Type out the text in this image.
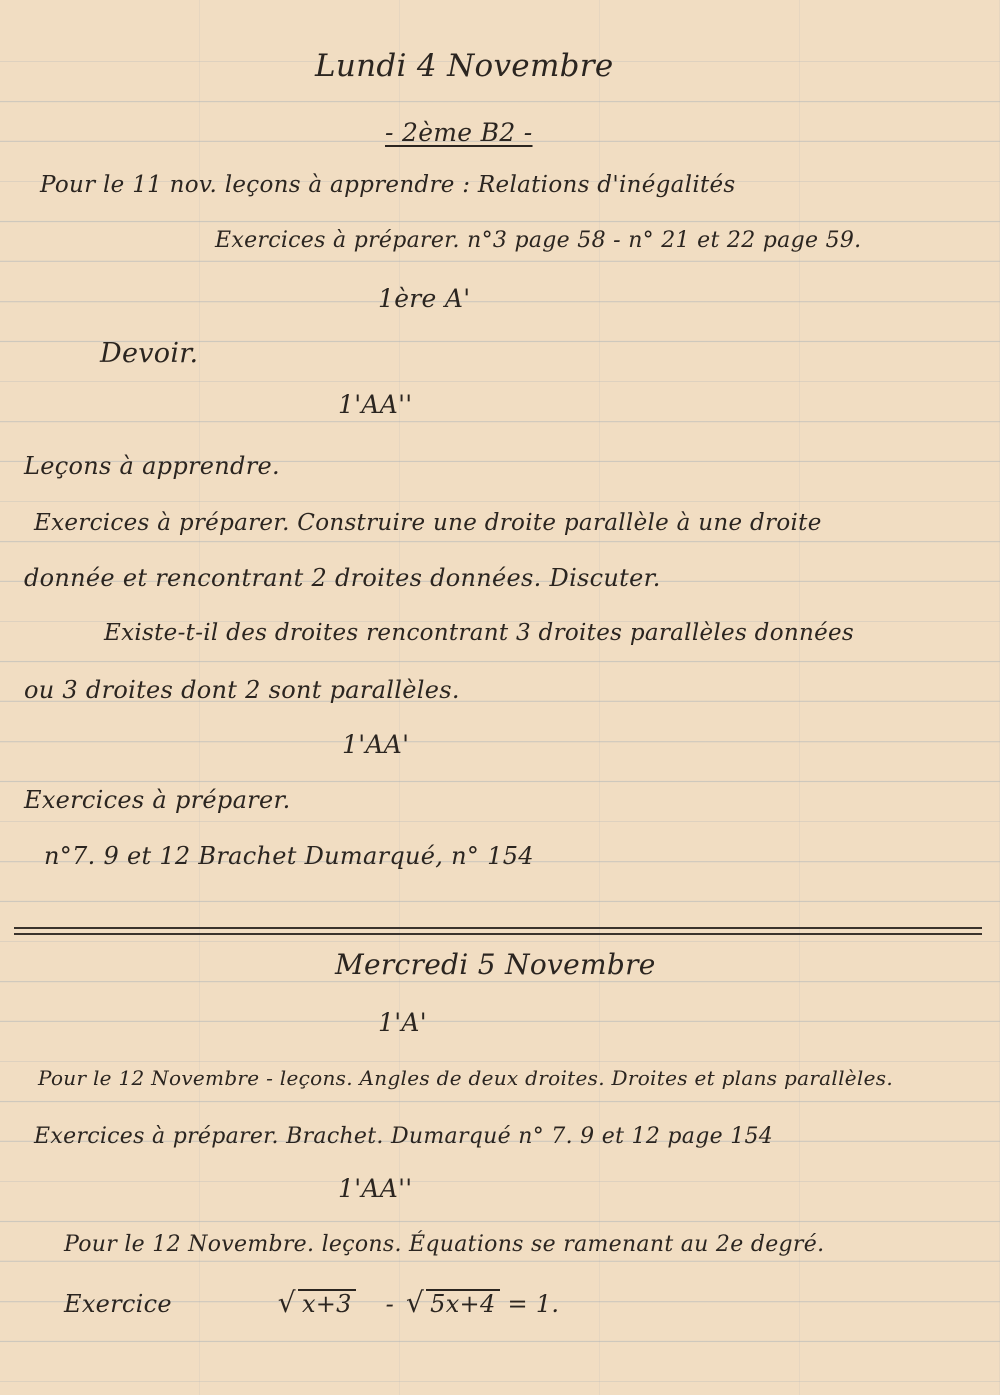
Lundi 4 Novembre
- 2ème B2 -
Pour le 11 nov. leçons à apprendre : Relations d'inégalités
Exercices à préparer. n°3 page 58 - n° 21 et 22 page 59.
1ère A'
Devoir.
1'AA''
Leçons à apprendre.
Exercices à préparer. Construire une droite parallèle à une droite
donnée et rencontrant 2 droites données. Discuter.
Existe-t-il des droites rencontrant 3 droites parallèles données
ou 3 droites dont 2 sont parallèles.
1'AA'
Exercices à préparer.
n°7. 9 et 12 Brachet Dumarqué, n° 154
Mercredi 5 Novembre
1'A'
Pour le 12 Novembre - leçons. Angles de deux droites. Droites et plans parallèles.
Exercices à préparer. Brachet. Dumarqué n° 7. 9 et 12 page 154
1'AA''
Pour le 12 Novembre. leçons. Équations se ramenant au 2e degré.
Exercice	√ x+3 - √ 5x+4 = 1.
